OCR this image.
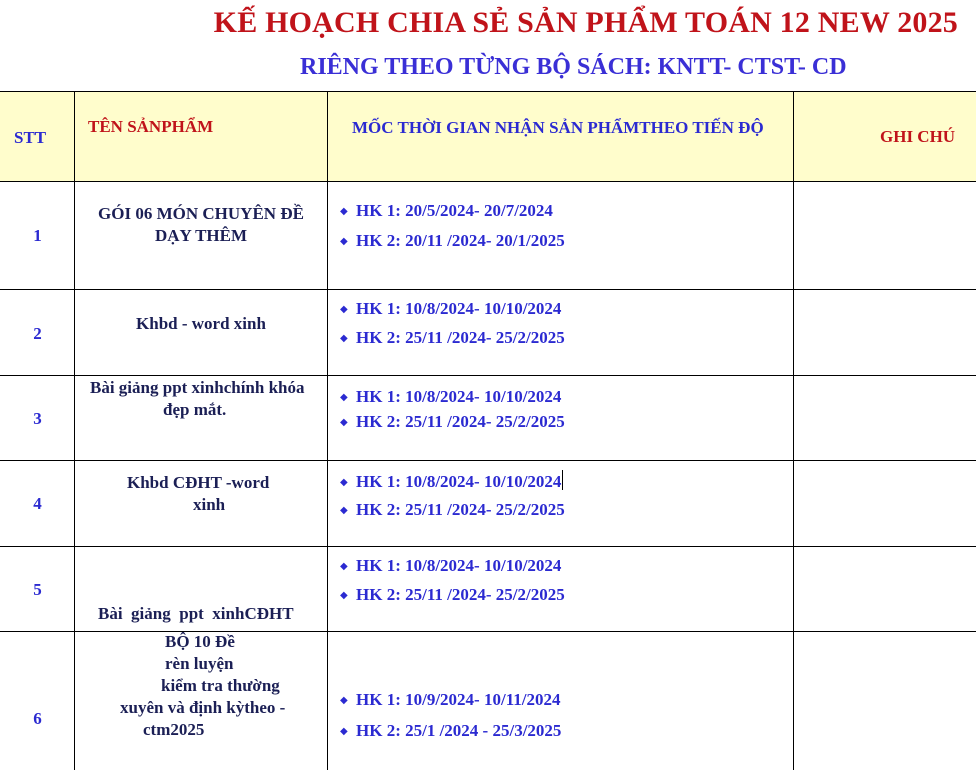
KẾ HOẠCH CHIA SẺ SẢN PHẨM TOÁN 12 NEW 2025
RIÊNG THEO TỪNG BỘ SÁCH: KNTT- CTST- CD
STT
TÊN SẢNPHẨM	MỐC THỜI GIAN NHẬN SẢN PHẨMTHEO TIẾN ĐỘ	GHI CHÚ
1
GÓI 06 MÓN CHUYÊN ĐỀ
DẠY THÊM
◆ HK 1: 20/5/2024- 20/7/2024
◆ HK 2: 20/11 /2024- 20/1/2025
2
Khbd - word xinh
◆ HK 1: 10/8/2024- 10/10/2024
◆ HK 2: 25/11 /2024- 25/2/2025
3
Bài giảng ppt xinhchính khóa
đẹp mắt.
◆ HK 1: 10/8/2024- 10/10/2024
◆ HK 2: 25/11 /2024- 25/2/2025
4
Khbd CĐHT -word
xinh
◆ HK 1: 10/8/2024- 10/10/2024
◆ HK 2: 25/11 /2024- 25/2/2025
5

Bài  giảng  ppt  xinhCĐHT

◆ HK 1: 10/8/2024- 10/10/2024
◆ HK 2: 25/11 /2024- 25/2/2025
6
BỘ 10 Đề
rèn luyện
kiểm tra thường
xuyên và định kỳtheo -
ctm2025
◆ HK 1: 10/9/2024- 10/11/2024
◆ HK 2: 25/1 /2024 - 25/3/2025
